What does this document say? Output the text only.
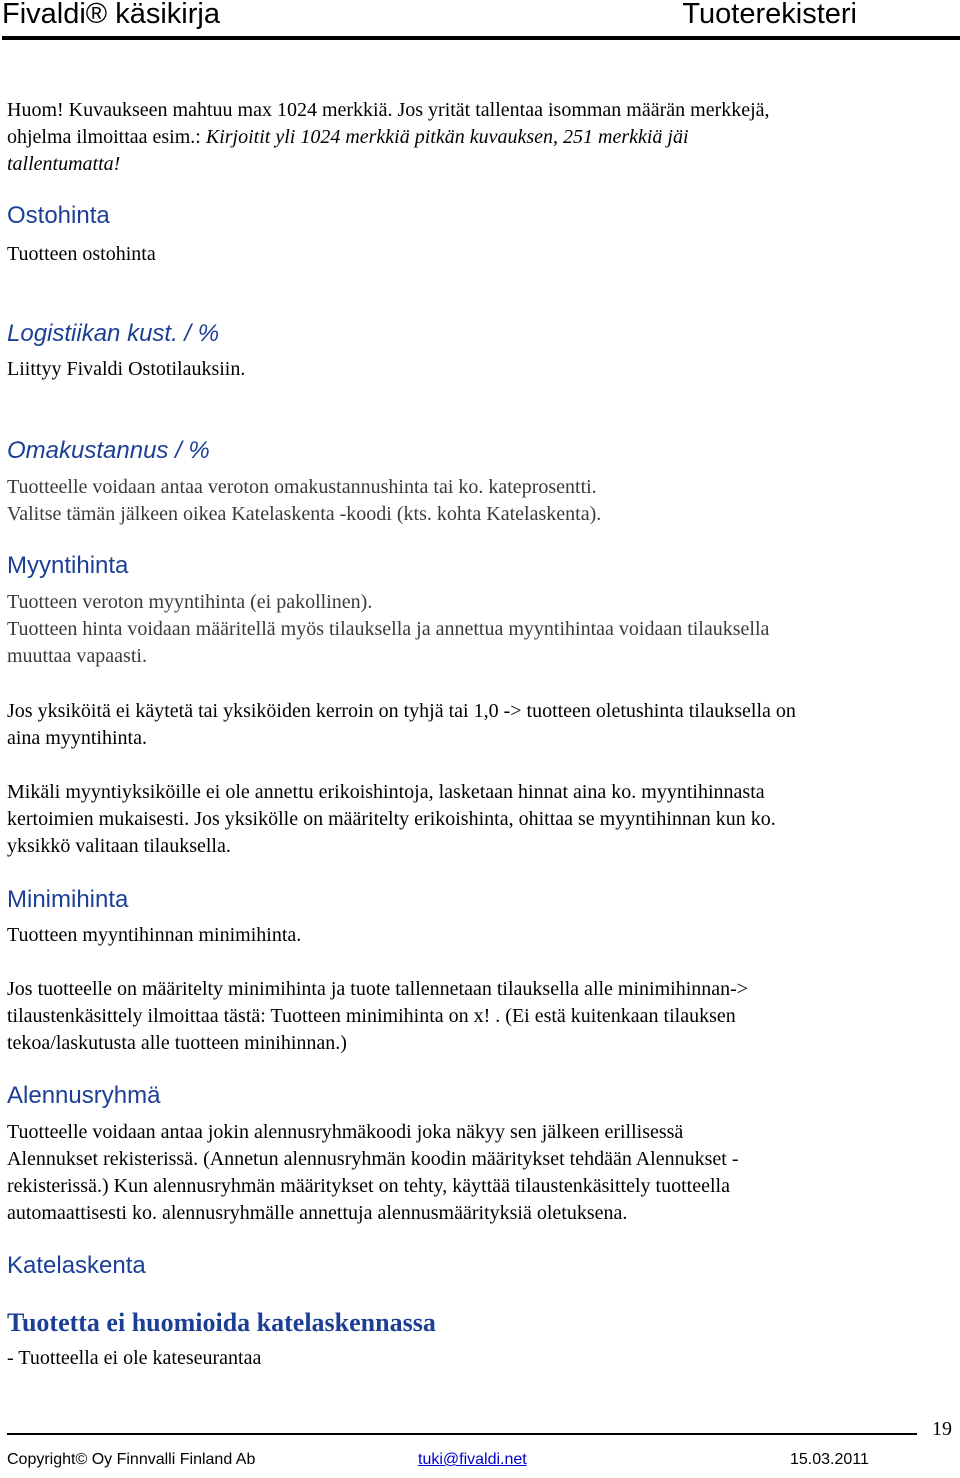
Fivaldi® käsikirja	Tuoterekisteri
Huom! Kuvaukseen mahtuu max 1024 merkkiä. Jos yrität tallentaa isomman määrän merkkejä,
ohjelma ilmoittaa esim.: Kirjoitit yli 1024 merkkiä pitkän kuvauksen, 251 merkkiä jäi
tallentumatta!
Ostohinta
Tuotteen ostohinta
Logistiikan kust. / %
Liittyy Fivaldi Ostotilauksiin.
Omakustannus / %
Tuotteelle voidaan antaa veroton omakustannushinta tai ko. kateprosentti.
Valitse tämän jälkeen oikea Katelaskenta -koodi (kts. kohta Katelaskenta).
Myyntihinta
Tuotteen veroton myyntihinta (ei pakollinen).
Tuotteen hinta voidaan määritellä myös tilauksella ja annettua myyntihintaa voidaan tilauksella
muuttaa vapaasti.
Jos yksiköitä ei käytetä tai yksiköiden kerroin on tyhjä tai 1,0 -> tuotteen oletushinta tilauksella on
aina myyntihinta.
Mikäli myyntiyksiköille ei ole annettu erikoishintoja, lasketaan hinnat aina ko. myyntihinnasta
kertoimien mukaisesti. Jos yksikölle on määritelty erikoishinta, ohittaa se myyntihinnan kun ko.
yksikkö valitaan tilauksella.
Minimihinta
Tuotteen myyntihinnan minimihinta.
Jos tuotteelle on määritelty minimihinta ja tuote tallennetaan tilauksella alle minimihinnan->
tilaustenkäsittely ilmoittaa tästä: Tuotteen minimihinta on x! . (Ei estä kuitenkaan tilauksen
tekoa/laskutusta alle tuotteen minihinnan.)
Alennusryhmä
Tuotteelle voidaan antaa jokin alennusryhmäkoodi joka näkyy sen jälkeen erillisessä
Alennukset rekisterissä. (Annetun alennusryhmän koodin määritykset tehdään Alennukset -
rekisterissä.) Kun alennusryhmän määritykset on tehty, käyttää tilaustenkäsittely tuotteella
automaattisesti ko. alennusryhmälle annettuja alennusmäärityksiä oletuksena.
Katelaskenta
Tuotetta ei huomioida katelaskennassa
- Tuotteella ei ole kateseurantaa
19
Copyright© Oy Finnvalli Finland Ab	tuki@fivaldi.net	15.03.2011
